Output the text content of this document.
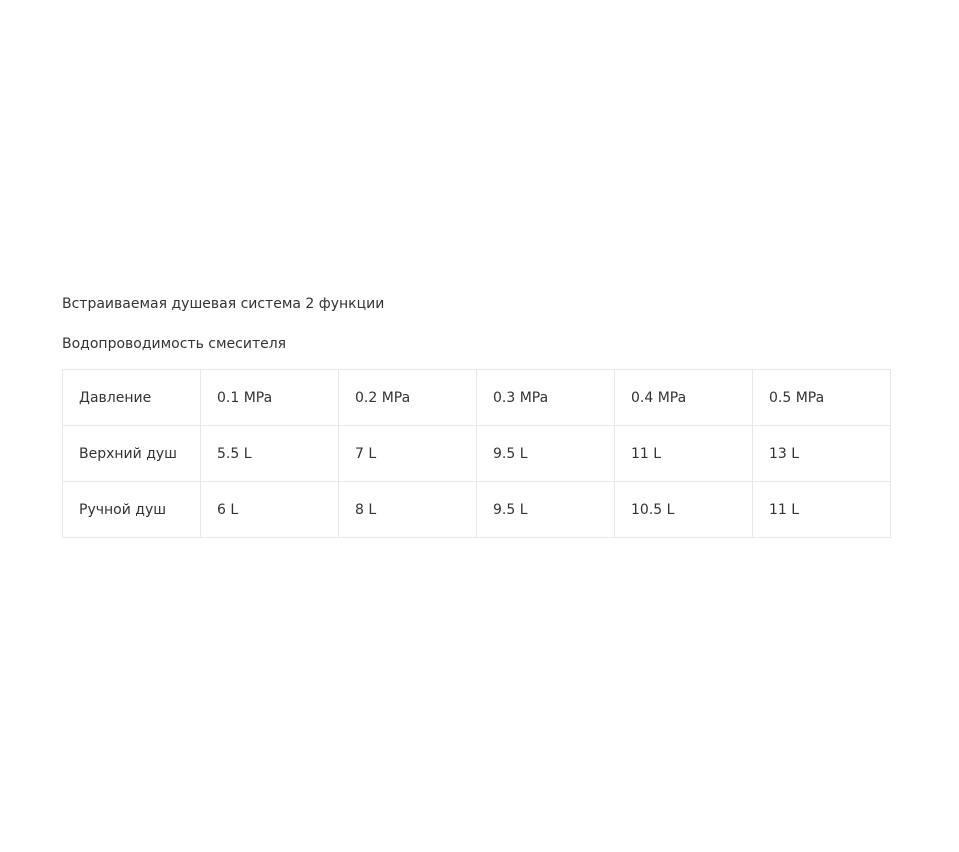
Встраиваемая душевая система 2 функции

Водопроводимость смесителя

Давление	0.1 MPa	0.2 MPa	0.3 MPa	0.4 MPa	0.5 MPa
Верхний душ	5.5 L	7 L	9.5 L	11 L	13 L
Ручной душ	6 L	8 L	9.5 L	10.5 L	11 L
